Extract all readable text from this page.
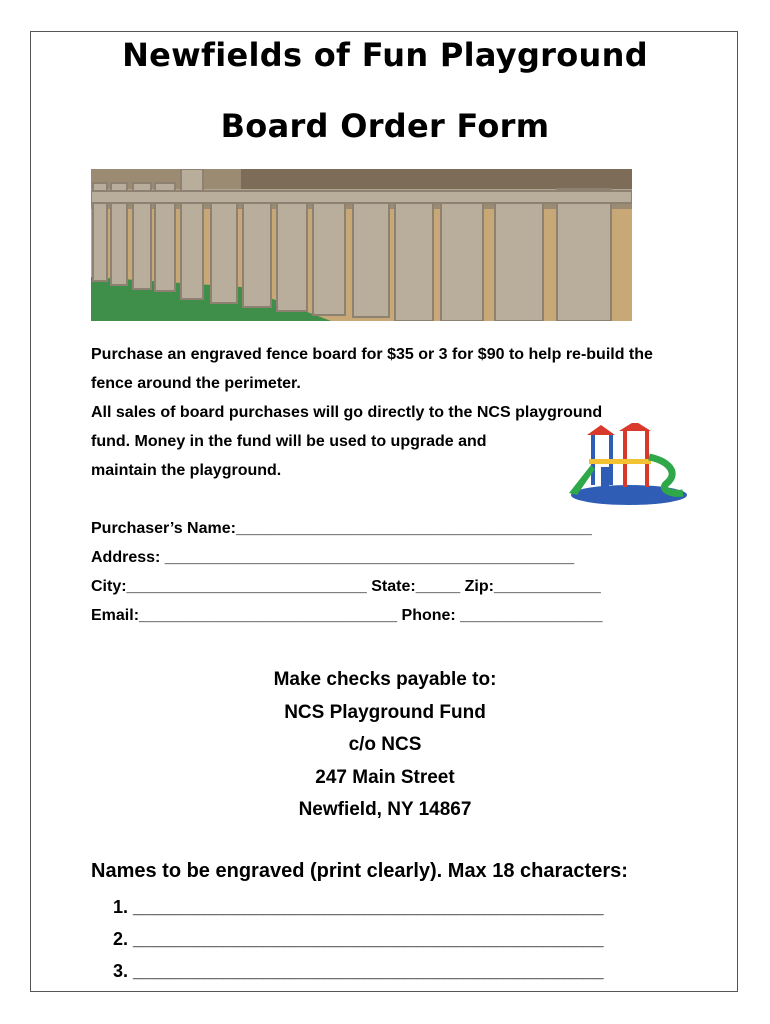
Newfields of Fun Playground
Board Order Form
Purchase an engraved fence board for $35 or 3 for $90 to help re-build the fence around the perimeter.
All sales of board purchases will go directly to the NCS playground
fund. Money in the fund will be used to upgrade and
maintain the playground.
Purchaser’s Name:________________________________________
Address: ______________________________________________
City:___________________________ State:_____ Zip:____________
Email:_____________________________ Phone: ________________
Make checks payable to:
NCS Playground Fund
c/o NCS
247 Main Street
Newfield, NY 14867
Names to be engraved (print clearly). Max 18 characters:
1. _______________________________________________
2. _______________________________________________
3. _______________________________________________
